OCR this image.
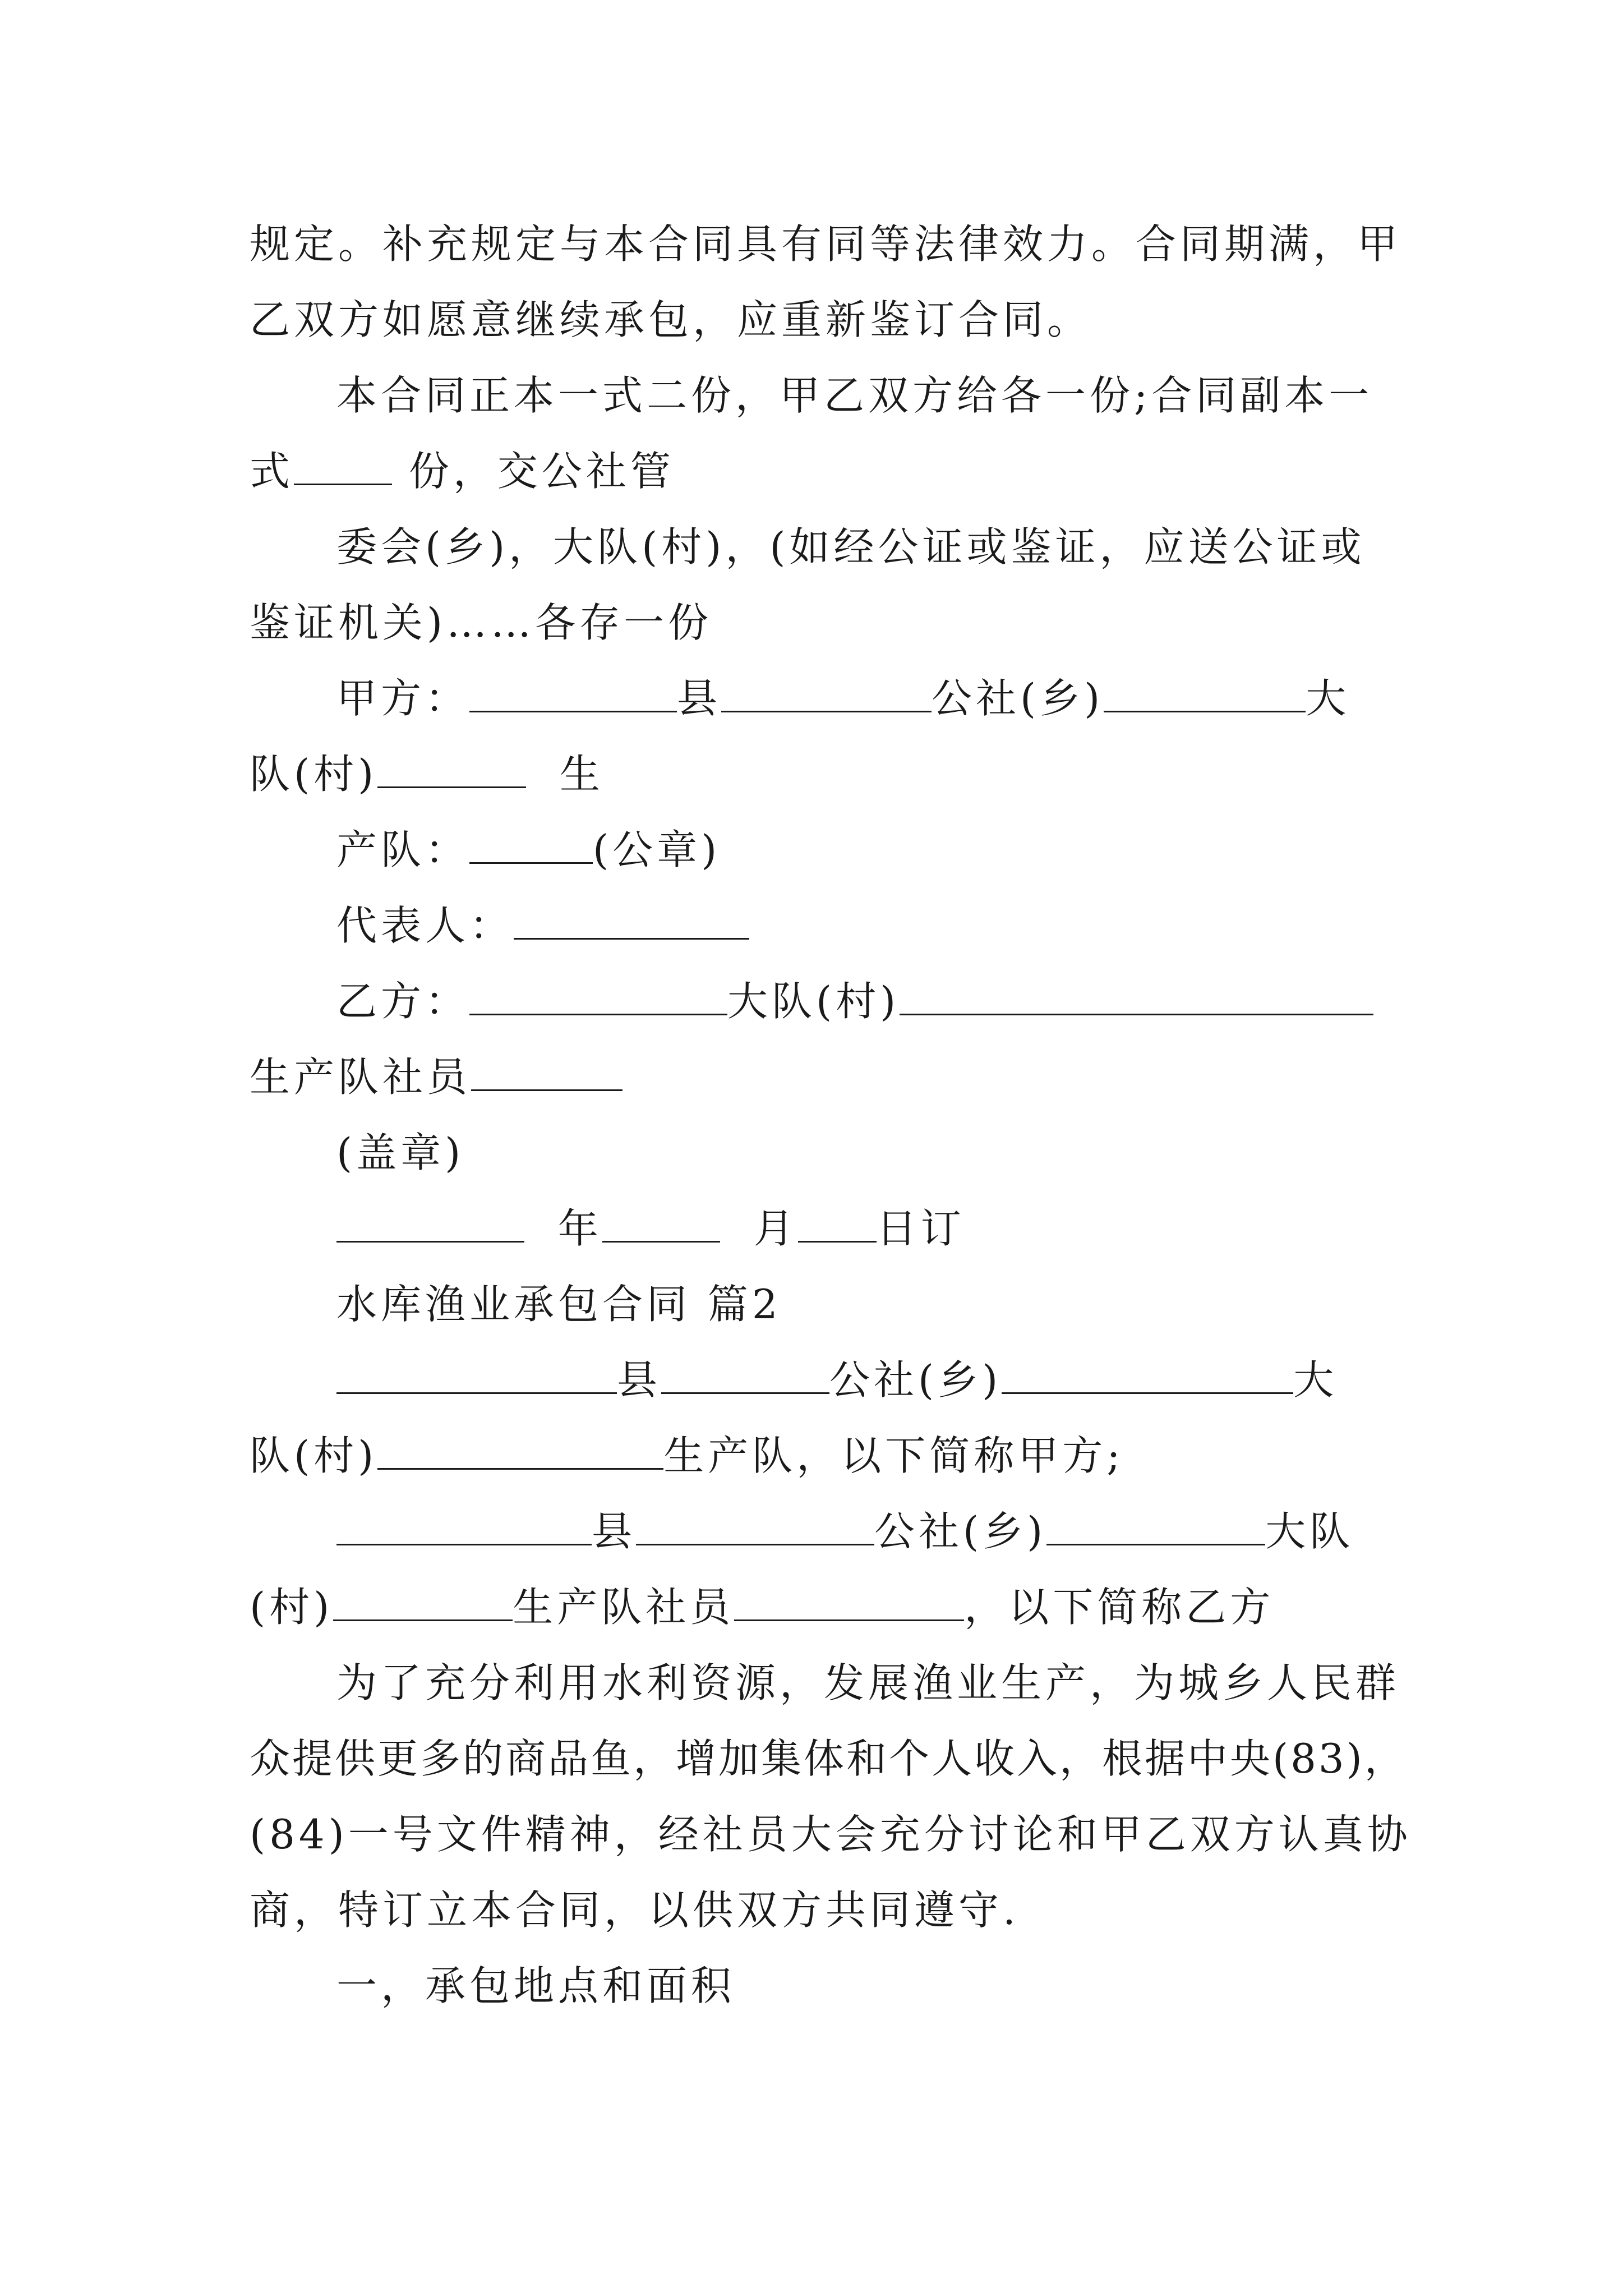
规定。补充规定与本合同具有同等法律效力。合同期满，甲
乙双方如愿意继续承包，应重新鉴订合同。
本合同正本一式二份，甲乙双方给各一份;合同副本一
式	份，交公社管
委会(乡)，大队(村)，(如经公证或鉴证，应送公证或
鉴证机关)……各存一份
甲方：	县	公社(乡)	大
队(村)	生
产队：	(公章)
代表人：
乙方：	大队(村)
生产队社员
(盖章)
年	月 日订
水库渔业承包合同 篇2
县	公社(乡)	大
队(村)	生产队，以下简称甲方;
县	公社(乡)	大队
(村)	生产队社员	，以下简称乙方
为了充分利用水利资源，发展渔业生产，为城乡人民群
众提供更多的商品鱼，增加集体和个人收入，根据中央(83)，
(84)一号文件精神，经社员大会充分讨论和甲乙双方认真协
商，特订立本合同，以供双方共同遵守.
一，承包地点和面积
